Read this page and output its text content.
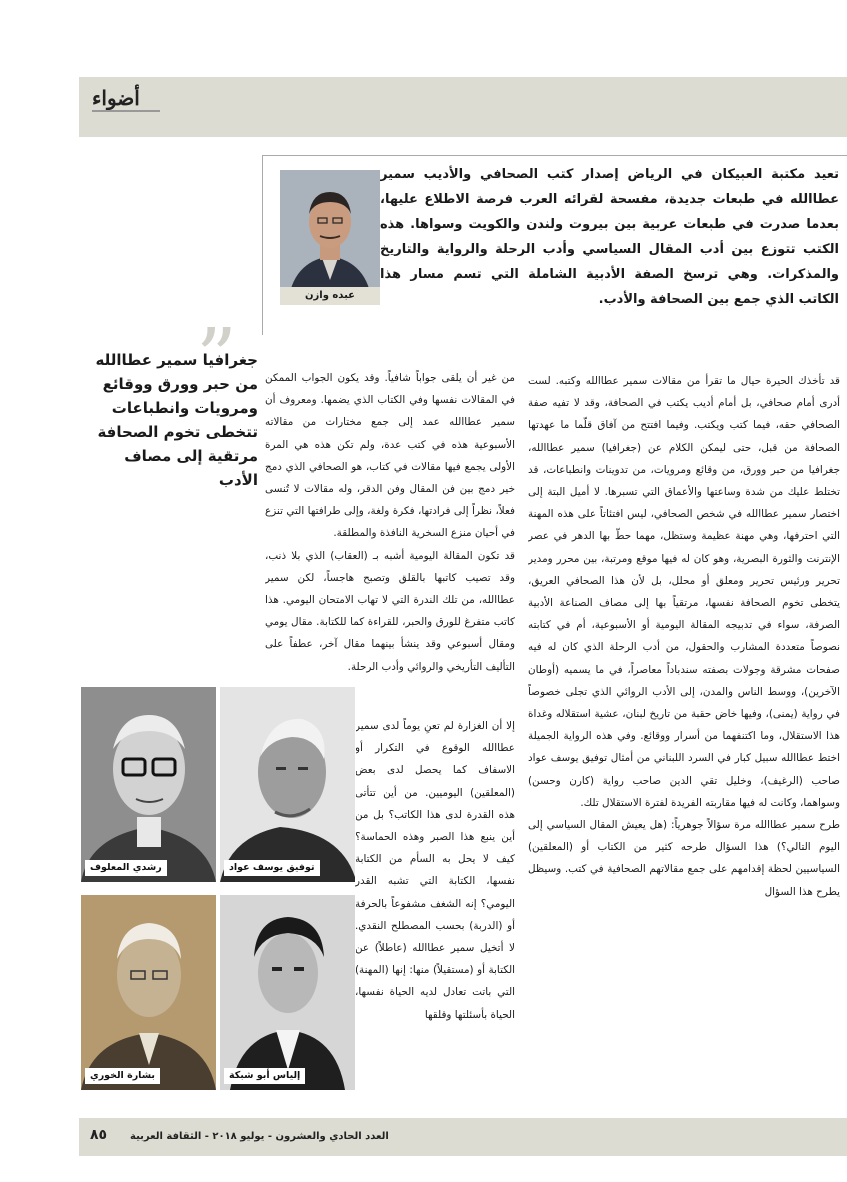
أضواء
عبده وازن
تعيد مكتبة العبيكان في الرياض إصدار كتب الصحافي والأديب سمير عطاالله في طبعات جديدة، مفسحة لقرائه العرب فرصة الاطلاع عليها، بعدما صدرت في طبعات عربية بين بيروت ولندن والكويت وسواها. هذه الكتب تتوزع بين أدب المقال السياسي وأدب الرحلة والرواية والتاريخ والمذكرات. وهي ترسخ الصفة الأدبية الشاملة التي تسم مسار هذا الكاتب الذي جمع بين الصحافة والأدب.
”
جغرافيا سمير عطاالله من حبر وورق ووقائع ومرويات وانطباعات تتخطى تخوم الصحافة مرتقية إلى مصاف الأدب

قد تأخذك الحيرة حيال ما تقرأ من مقالات سمير عطاالله وكتبه. لست أدرى أمام صحافي، بل أمام أديب يكتب في الصحافة، وقد لا تفيه صفة الصحافي حقه، فيما كتب ويكتب. وفيما افتتح من آفاق قلّما ما عهدتها الصحافة من قبل، حتى ليمكن الكلام عن (جغرافيا) سمير عطاالله، جغرافيا من حبر وورق، من وقائع ومرويات، من تدوينات وانطباعات، قد تختلط عليك من شدة وساعتها والأعماق التي تسبرها. لا أميل البتة إلى اختصار سمير عطاالله في شخص الصحافي، ليس افتئاتاً على هذه المهنة التي احترفها، وهي مهنة عظيمة وستظل، مهما حطّ بها الدهر في عصر الإنترنت والثورة البصرية، وهو كان له فيها موقع ومرتبة، بين محرر ومدير تحرير ورئيس تحرير ومعلق أو محلل، بل لأن هذا الصحافي العريق، يتخطى تخوم الصحافة نفسها، مرتقياً بها إلى مصاف الصناعة الأدبية الصرفة، سواء في تدبيجه المقالة اليومية أو الأسبوعية، أم في كتابته نصوصاً متعددة المشارب والحقول، من أدب الرحلة الذي كان له فيه صفحات مشرقة وجولات بصفته سندباداً معاصراً، في ما يسميه (أوطان الآخرين)، ووسط الناس والمدن، إلى الأدب الروائي الذي تجلى خصوصاً في رواية (يمنى)، وفيها خاض حقبة من تاريخ لبنان، عشية استقلاله وغداة هذا الاستقلال، وما اكتنفهما من أسرار ووقائع. وفي هذه الرواية الجميلة اختط عطاالله سبيل كبار في السرد اللبناني من أمثال توفيق يوسف عواد صاحب (الرغيف)، وخليل تقي الدين صاحب رواية (كارن وحسن) وسواهما، وكانت له فيها مقاربته الفريدة لفترة الاستقلال تلك.

طرح سمير عطاالله مرة سؤالاً جوهرياً: (هل يعيش المقال السياسي إلى اليوم التالي؟) هذا السؤال طرحه كثير من الكتاب أو (المعلقين) السياسيين لحظة إقدامهم على جمع مقالاتهم الصحافية في كتب. وسيظل يطرح هذا السؤال

من غير أن يلقى جواباً شافياً. وقد يكون الجواب الممكن في المقالات نفسها وفي الكتاب الذي يضمها. ومعروف أن سمير عطاالله عمد إلى جمع مختارات من مقالاته الأسبوعية هذه في كتب عدة، ولم تكن هذه هي المرة الأولى يجمع فيها مقالات في كتاب، هو الصحافي الذي دمج خير دمج بين فن المقال وفن الدقر، وله مقالات لا تُنسى فعلاً، نظراً إلى فرادتها، فكرة ولغة، وإلى طرافتها التي تنزع في أحيان منزع السخرية النافذة والمطلقة.

قد تكون المقالة اليومية أشبه بـ (العقاب) الذي بلا ذنب، وقد تصيب كاتبها بالقلق وتصبح هاجساً، لكن سمير عطاالله، من تلك الندرة التي لا تهاب الامتحان اليومي. هذا كاتب متفرغ للورق والحبر، للقراءة كما للكتابة. مقال يومي ومقال أسبوعي وقد ينشأ بينهما مقال آخر، عطفاً على التأليف التأريخي والروائي وأدب الرحلة.

إلا أن الغزارة لم تعنِ يوماً لدى سمير عطاالله الوقوع في التكرار أو الاسفاف كما يحصل لدى بعض (المعلقين) اليوميين. من أين تتأتى هذه القدرة لدى هذا الكاتب؟ بل من أين ينبع هذا الصبر وهذه الحماسة؟ كيف لا يحل به السأم من الكتابة نفسها، الكتابة التي تشبه القدر اليومي؟ إنه الشغف مشفوعاً بالحرفة أو (الدربة) بحسب المصطلح النقدي. لا أتخيل سمير عطاالله (عاطلاً) عن الكتابة أو (مستقيلاً) منها: إنها (المهنة) التي باتت تعادل لديه الحياة نفسها، الحياة بأسئلتها وقلقها

توفيق يوسف عواد
رشدي المعلوف
إلياس أبو شبكة
بشارة الخوري
٨٥ العدد الحادي والعشرون - يوليو ٢٠١٨ - الثقافة العربية
